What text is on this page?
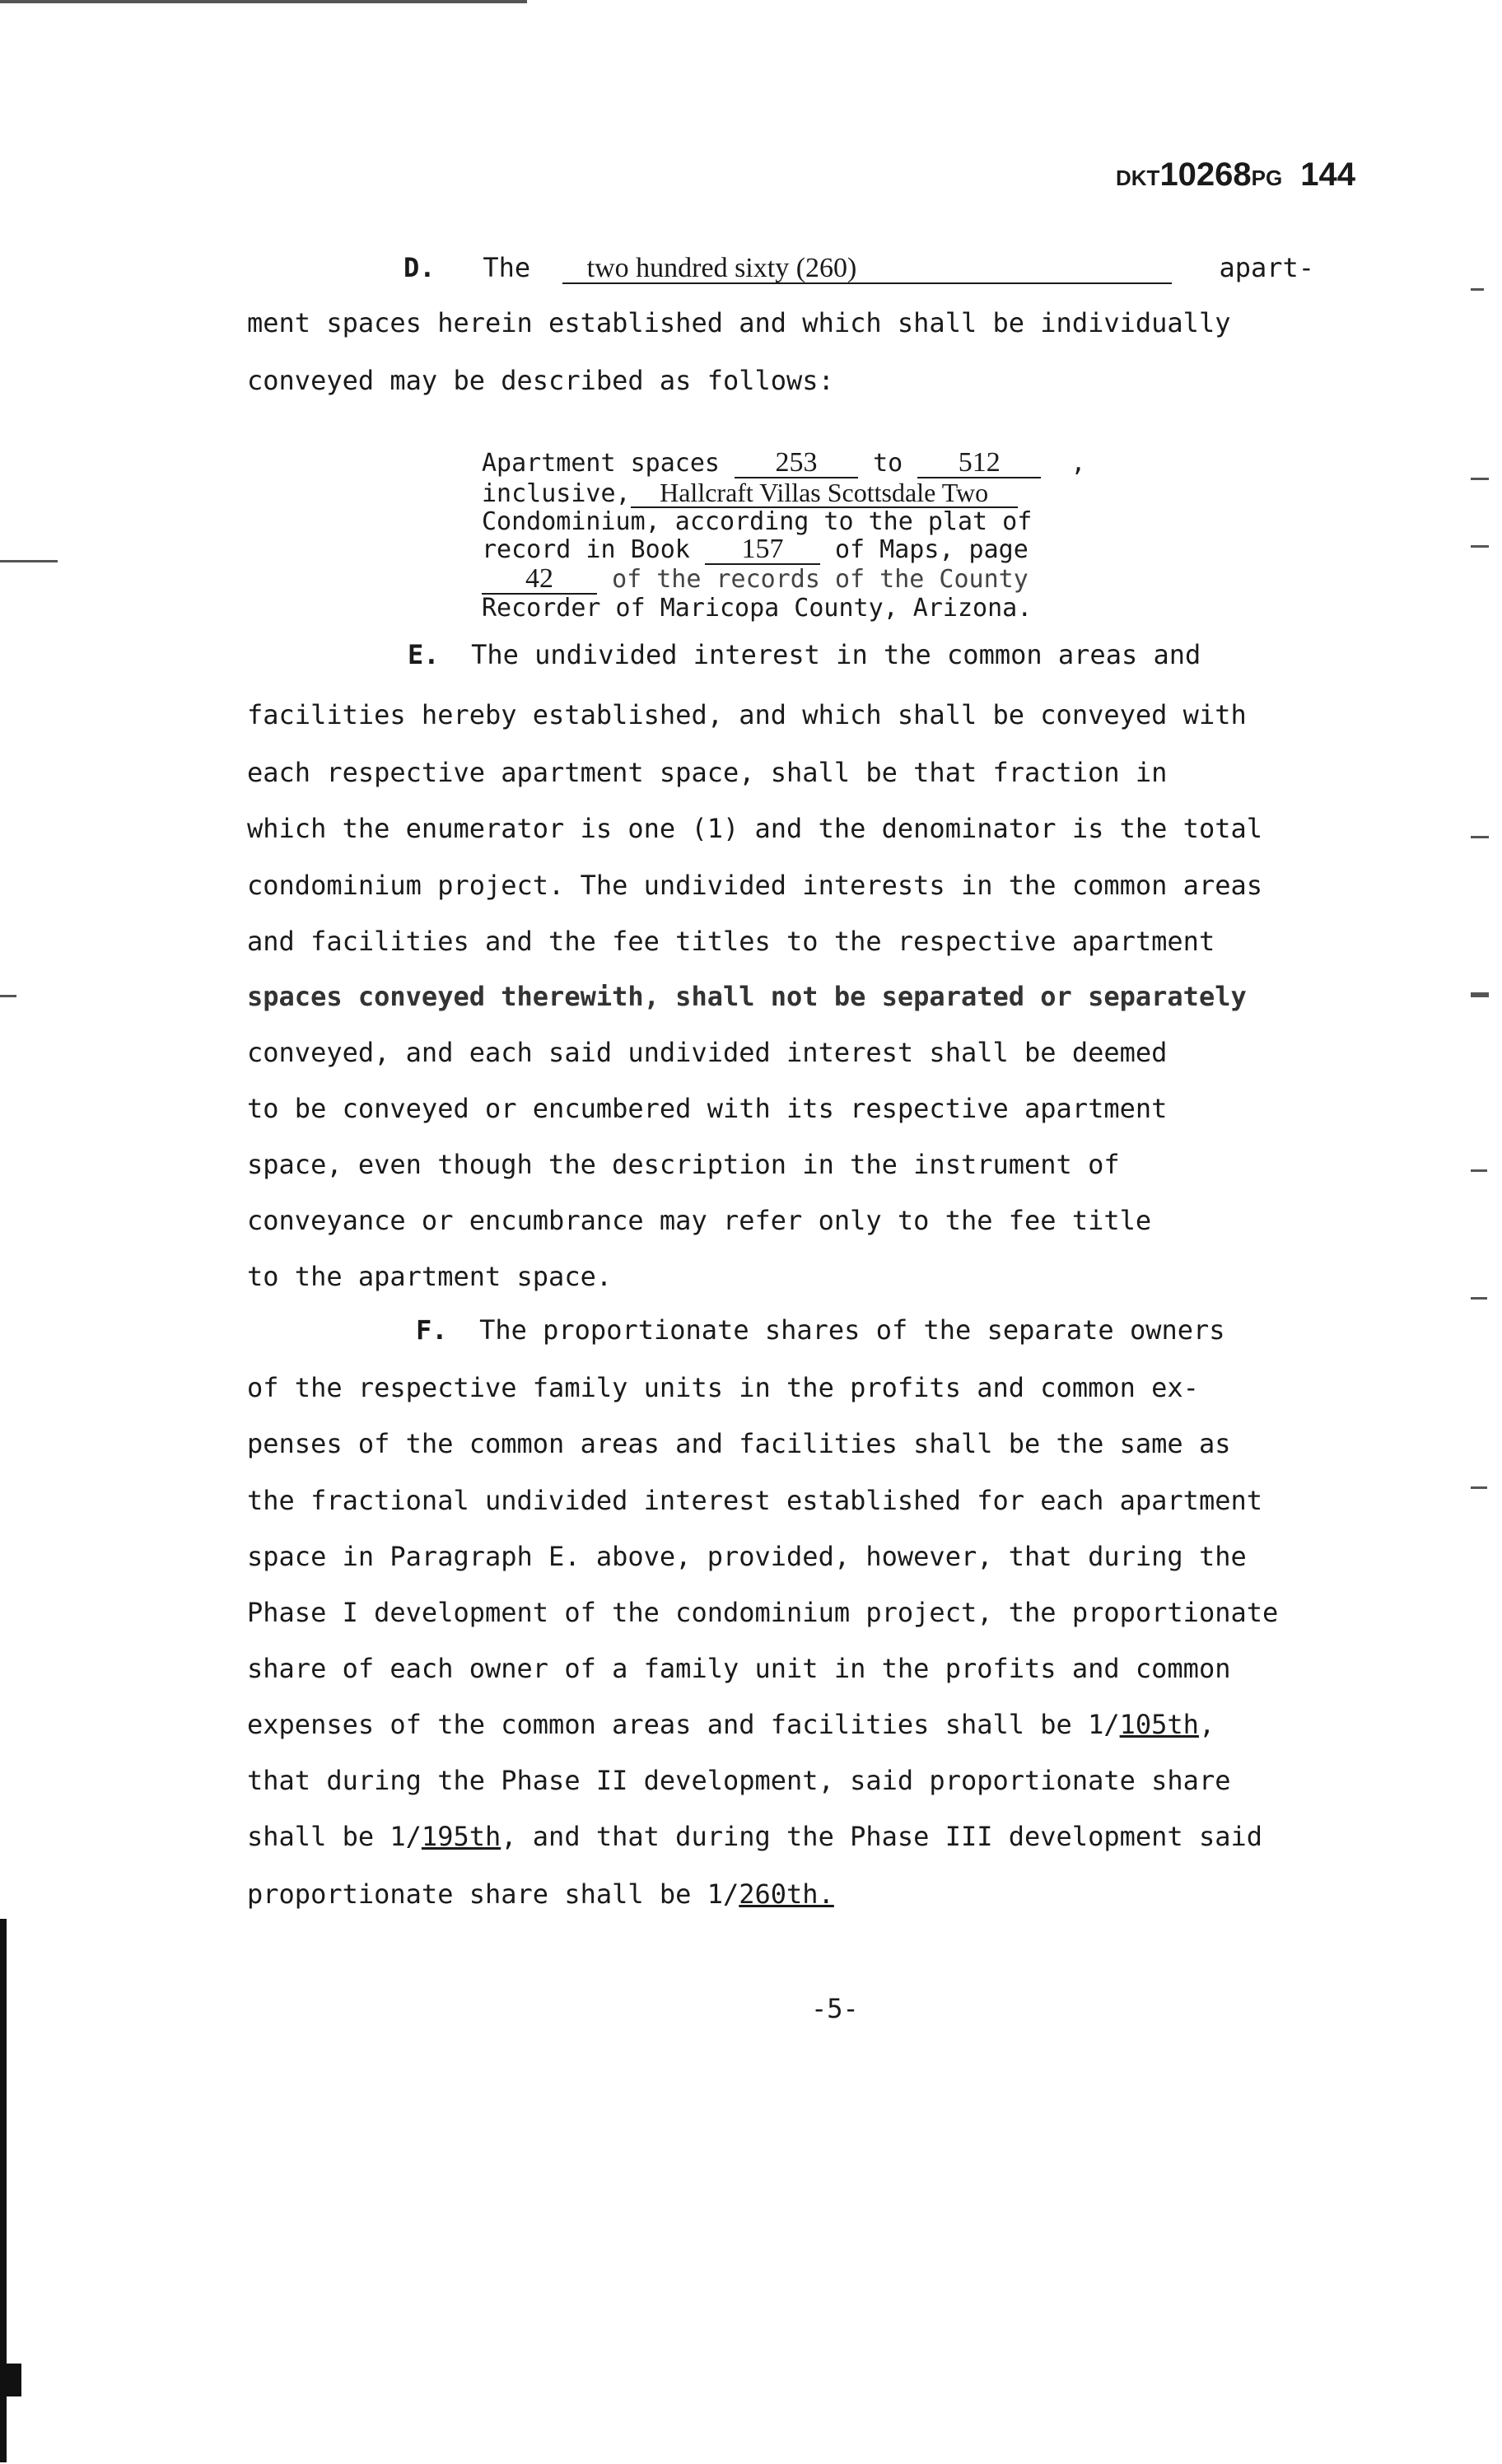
DKT10268PG 144
D. The two hundred sixty (260)	apart-
ment spaces herein established and which shall be individually
conveyed may be described as follows:
Apartment spaces 253 to 512	,
inclusive, Hallcraft Villas Scottsdale Two
Condominium, according to the plat of
record in Book 157 of Maps, page
42 of the records of the County
Recorder of Maricopa County, Arizona.
E. The undivided interest in the common areas and
facilities hereby established, and which shall be conveyed with
each respective apartment space, shall be that fraction in
which the enumerator is one (1) and the denominator is the total
condominium project. The undivided interests in the common areas
and facilities and the fee titles to the respective apartment
spaces conveyed therewith, shall not be separated or separately
conveyed, and each said undivided interest shall be deemed
to be conveyed or encumbered with its respective apartment
space, even though the description in the instrument of
conveyance or encumbrance may refer only to the fee title
to the apartment space.
F. The proportionate shares of the separate owners
of the respective family units in the profits and common ex-
penses of the common areas and facilities shall be the same as
the fractional undivided interest established for each apartment
space in Paragraph E. above, provided, however, that during the
Phase I development of the condominium project, the proportionate
share of each owner of a family unit in the profits and common
expenses of the common areas and facilities shall be 1/105th,
that during the Phase II development, said proportionate share
shall be 1/195th, and that during the Phase III development said
proportionate share shall be 1/260th.
-5-
